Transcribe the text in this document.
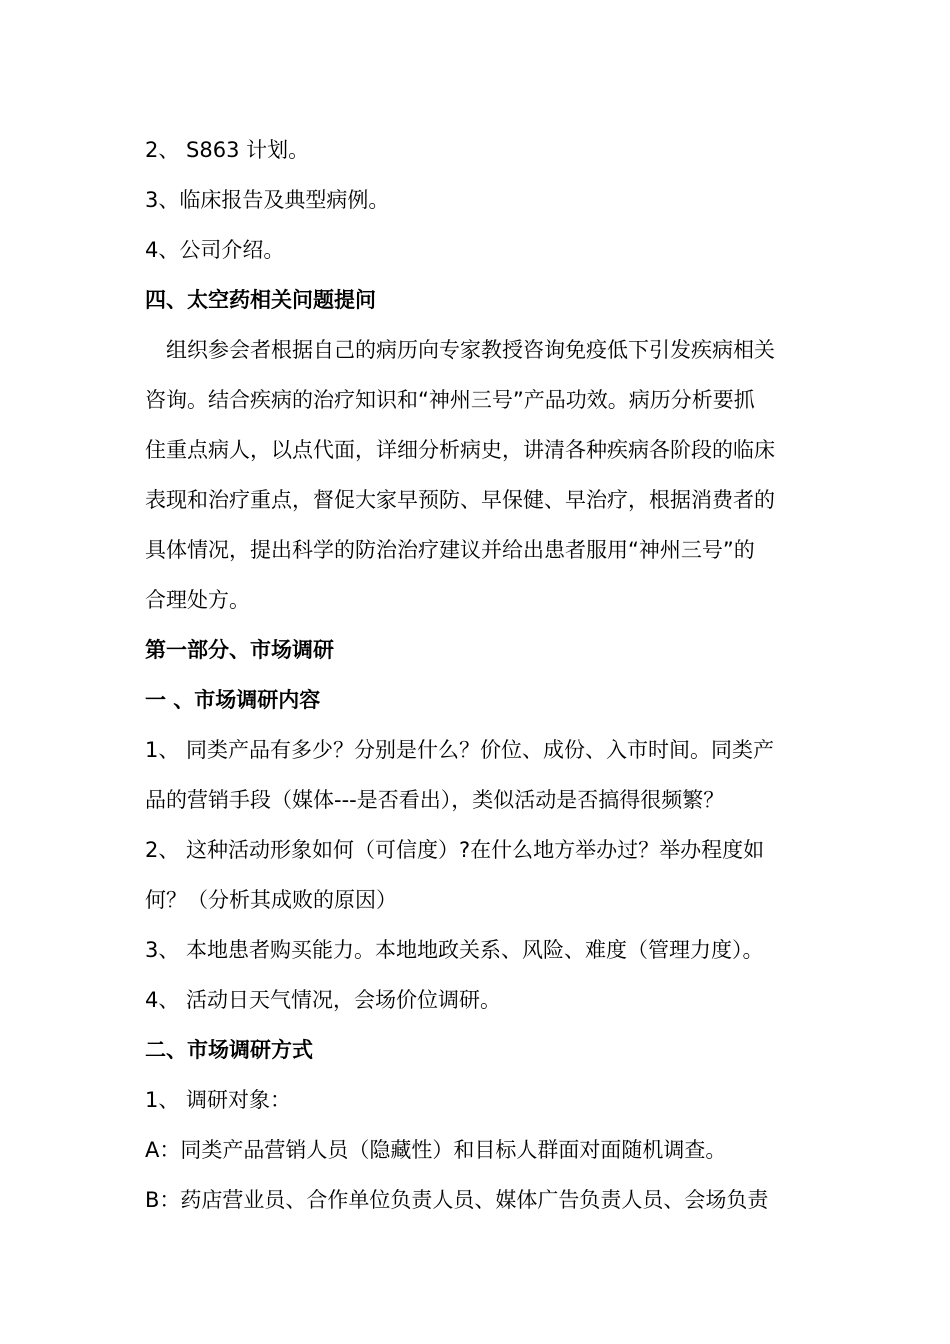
2、 S863 计划。
3、临床报告及典型病例。
4、公司介绍。
四、太空药相关问题提问
　组织参会者根据自己的病历向专家教授咨询免疫低下引发疾病相关
咨询。结合疾病的治疗知识和“神州三号”产品功效。病历分析要抓
住重点病人，以点代面，详细分析病史，讲清各种疾病各阶段的临床
表现和治疗重点，督促大家早预防、早保健、早治疗，根据消费者的
具体情况，提出科学的防治治疗建议并给出患者服用“神州三号”的
合理处方。
第一部分、市场调研
一 、市场调研内容
1、 同类产品有多少？分别是什么？价位、成份、入市时间。同类产
品的营销手段（媒体---是否看出），类似活动是否搞得很频繁？
2、 这种活动形象如何（可信度）?在什么地方举办过？举办程度如
何？（分析其成败的原因）
3、 本地患者购买能力。本地地政关系、风险、难度（管理力度）。
4、 活动日天气情况，会场价位调研。
二、市场调研方式
1、 调研对象：
A：同类产品营销人员（隐藏性）和目标人群面对面随机调查。
B：药店营业员、合作单位负责人员、媒体广告负责人员、会场负责
